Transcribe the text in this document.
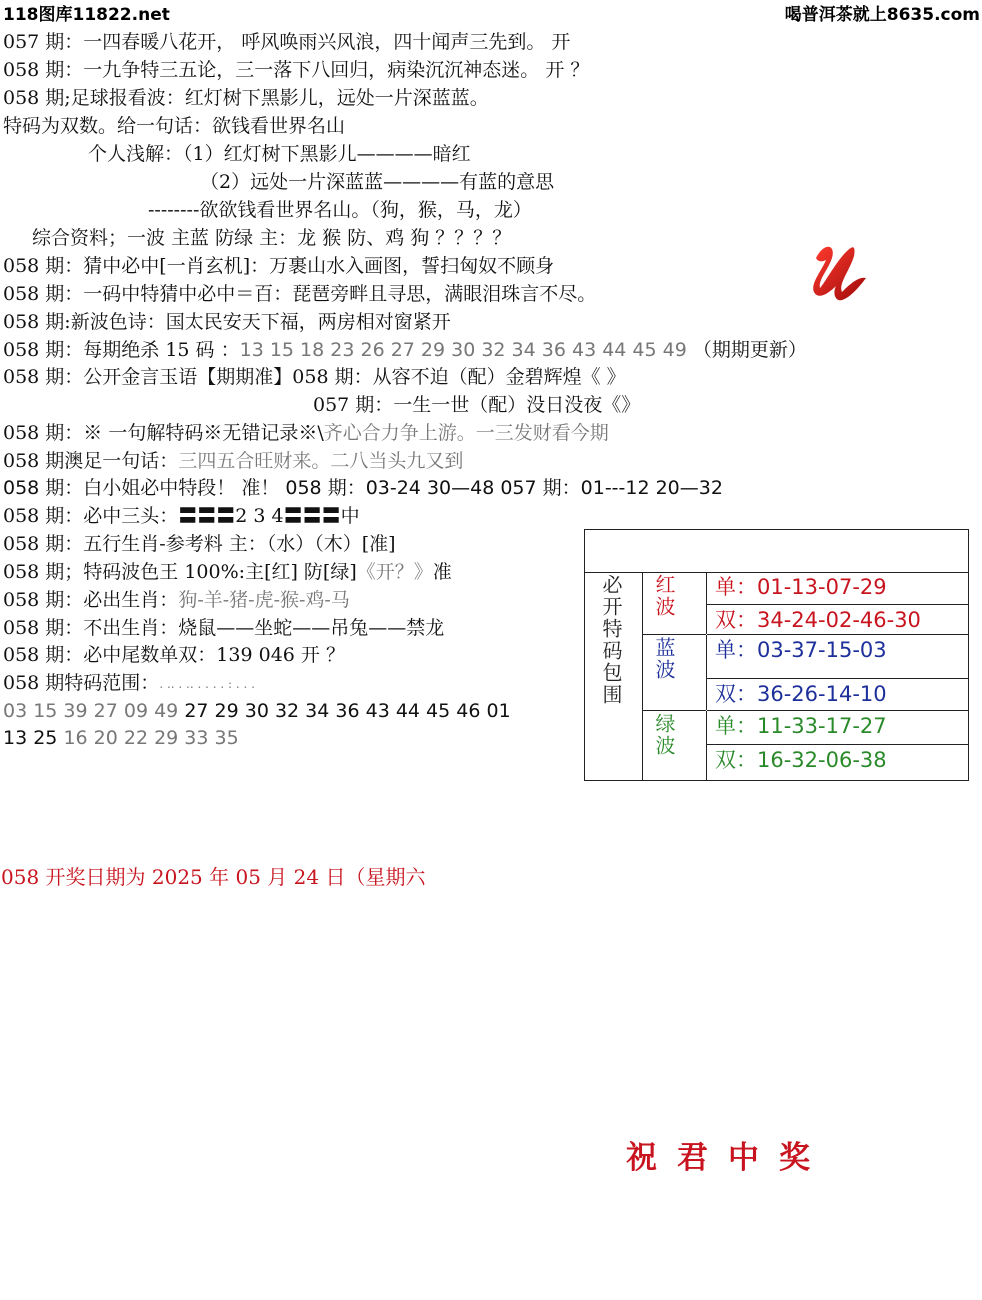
118图库11822.net	喝普洱茶就上8635.com
057 期：一四春暖八花开， 呼风唤雨兴风浪，四十闻声三先到。 开
058 期：一九争特三五论，三一落下八回归，病染沉沉神态迷。 开 ？
058 期;足球报看波：红灯树下黑影儿，远处一片深蓝蓝。
特码为双数。给一句话：欲钱看世界名山
个人浅解：（1）红灯树下黑影儿————暗红
（2）远处一片深蓝蓝————有蓝的意思
--------欲欲钱看世界名山。（狗，猴，马，龙）
综合资料；一波 主蓝 防绿 主：龙 猴 防、鸡 狗 ？？？？
058 期：猜中必中[一肖玄机]：万裹山水入画图，誓扫匈奴不顾身
058 期：一码中特猜中必中＝百：琵琶旁畔且寻思，满眼泪珠言不尽。
058 期:新波色诗：国太民安天下福，两房相对窗紧开
058 期：每期绝杀 15 码 ：13 15 18 23 26 27 29 30 32 34 36 43 44 45 49 （期期更新）
058 期：公开金言玉语【期期准】058 期：从容不迫（配）金碧辉煌《 》
057 期：一生一世（配）没日没夜《》
058 期：※ 一句解特码※无错记录※\齐心合力争上游。一三发财看今期
058 期澳足一句话：三四五合旺财来。二八当头九又到
058 期：白小姐必中特段！ 准！ 058 期：03-24 30—48 057 期：01---12 20—32
058 期：必中三头：〓〓〓2 3 4〓〓〓中
058 期：五行生肖-参考料 主：（水）（木）[准]
058 期；特码波色王 100%:主[红] 防[绿]《开？》准
058 期：必出生肖：狗-羊-猪-虎-猴-鸡-马
058 期：不出生肖：烧鼠——坐蛇——吊兔——禁龙
058 期：必中尾数单双：139 046 开 ？
058 期特码范围：. .. . .. . . . . : . . .
03 15 39 27 09 49 27 29 30 32 34 36 43 44 45 46 01
13 25 16 20 22 29 33 35
必开特码包围 红波
蓝波
绿波
单：01-13-07-29
双：34-24-02-46-30
单：03-37-15-03
双：36-26-14-10
单：11-33-17-27
双：16-32-06-38
058 开奖日期为 2025 年 05 月 24 日（星期六
祝君中奖
